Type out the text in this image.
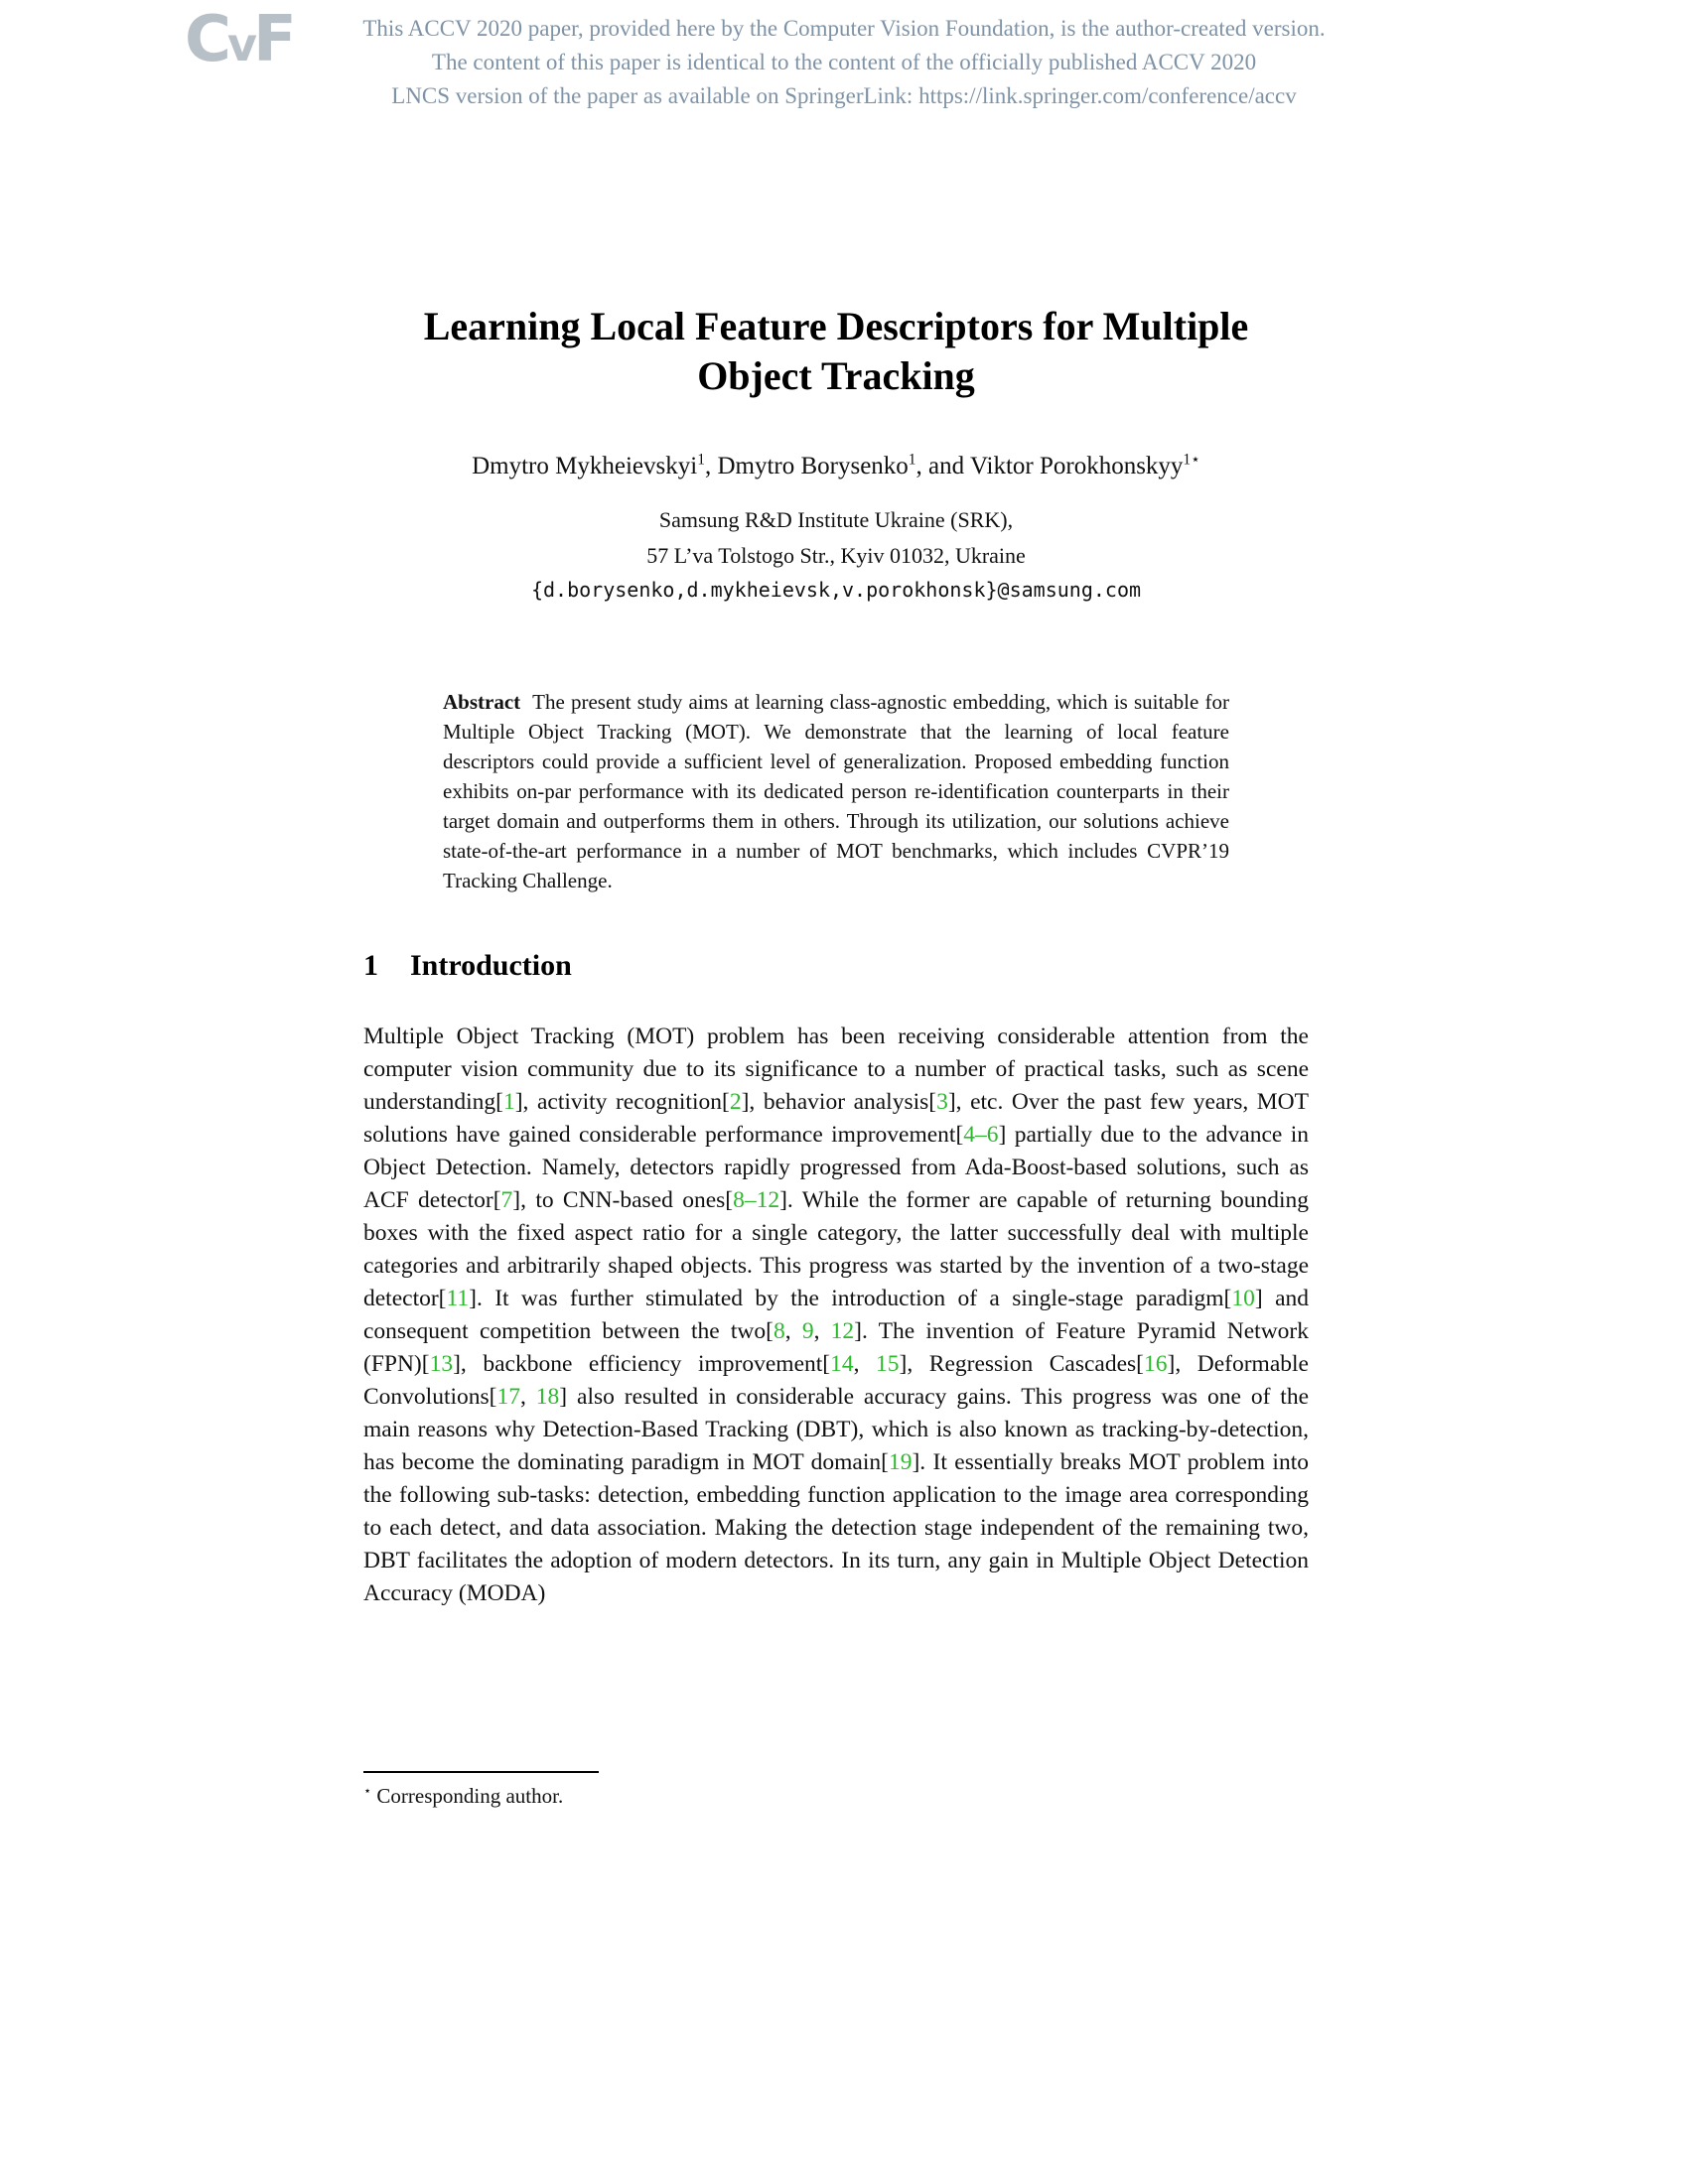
CvF	This ACCV 2020 paper, provided here by the Computer Vision Foundation, is the author-created version.
The content of this paper is identical to the content of the officially published ACCV 2020
LNCS version of the paper as available on SpringerLink: https://link.springer.com/conference/accv
Learning Local Feature Descriptors for Multiple Object Tracking
Dmytro Mykheievskyi$^1$, Dmytro Borysenko$^1$, and Viktor Porokhonskyy$^{1⋆}$
Samsung R&D Institute Ukraine (SRK),
57 L’va Tolstogo Str., Kyiv 01032, Ukraine
{d.borysenko,d.mykheievsk,v.porokhonsk}@samsung.com

Abstract The present study aims at learning class-agnostic embedding, which is suitable for Multiple Object Tracking (MOT). We demonstrate that the learning of local feature descriptors could provide a sufficient level of generalization. Proposed embedding function exhibits on-par performance with its dedicated person re-identification counterparts in their target domain and outperforms them in others. Through its utilization, our solutions achieve state-of-the-art performance in a number of MOT benchmarks, which includes CVPR’19 Tracking Challenge.

1 Introduction

Multiple Object Tracking (MOT) problem has been receiving considerable attention from the computer vision community due to its significance to a number of practical tasks, such as scene understanding[1], activity recognition[2], behavior analysis[3], etc. Over the past few years, MOT solutions have gained considerable performance improvement[4–6] partially due to the advance in Object Detection. Namely, detectors rapidly progressed from Ada-Boost-based solutions, such as ACF detector[7], to CNN-based ones[8–12]. While the former are capable of returning bounding boxes with the fixed aspect ratio for a single category, the latter successfully deal with multiple categories and arbitrarily shaped objects. This progress was started by the invention of a two-stage detector[11]. It was further stimulated by the introduction of a single-stage paradigm[10] and consequent competition between the two[8, 9, 12]. The invention of Feature Pyramid Network (FPN)[13], backbone efficiency improvement[14, 15], Regression Cascades[16], Deformable Convolutions[17, 18] also resulted in considerable accuracy gains. This progress was one of the main reasons why Detection-Based Tracking (DBT), which is also known as tracking-by-detection, has become the dominating paradigm in MOT domain[19]. It essentially breaks MOT problem into the following sub-tasks: detection, embedding function application to the image area corresponding to each detect, and data association. Making the detection stage independent of the remaining two, DBT facilitates the adoption of modern detectors. In its turn, any gain in Multiple Object Detection Accuracy (MODA)

⋆ Corresponding author.
